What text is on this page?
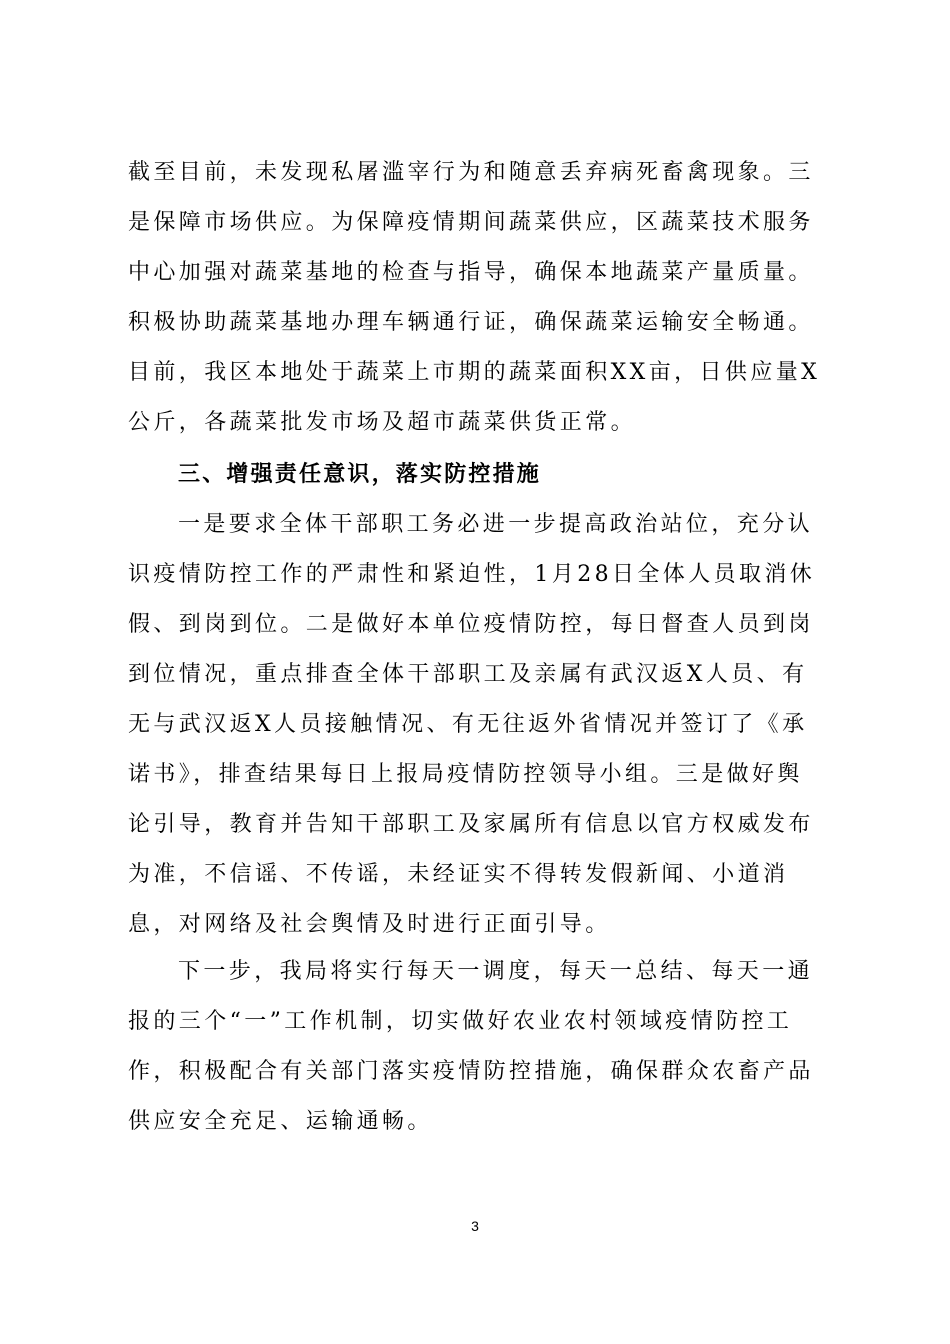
截至目前，未发现私屠滥宰行为和随意丢弃病死畜禽现象。三
是保障市场供应。为保障疫情期间蔬菜供应，区蔬菜技术服务
中心加强对蔬菜基地的检查与指导，确保本地蔬菜产量质量。
积极协助蔬菜基地办理车辆通行证，确保蔬菜运输安全畅通。
目前，我区本地处于蔬菜上市期的蔬菜面积XX亩，日供应量X
公斤，各蔬菜批发市场及超市蔬菜供货正常。
三、增强责任意识，落实防控措施
一是要求全体干部职工务必进一步提高政治站位，充分认
识疫情防控工作的严肃性和紧迫性，1月28日全体人员取消休
假、到岗到位。二是做好本单位疫情防控，每日督查人员到岗
到位情况，重点排查全体干部职工及亲属有武汉返X人员、有
无与武汉返X人员接触情况、有无往返外省情况并签订了《承
诺书》，排查结果每日上报局疫情防控领导小组。三是做好舆
论引导，教育并告知干部职工及家属所有信息以官方权威发布
为准，不信谣、不传谣，未经证实不得转发假新闻、小道消
息，对网络及社会舆情及时进行正面引导。
下一步，我局将实行每天一调度，每天一总结、每天一通
报的三个“一”工作机制，切实做好农业农村领域疫情防控工
作，积极配合有关部门落实疫情防控措施，确保群众农畜产品
供应安全充足、运输通畅。
3
